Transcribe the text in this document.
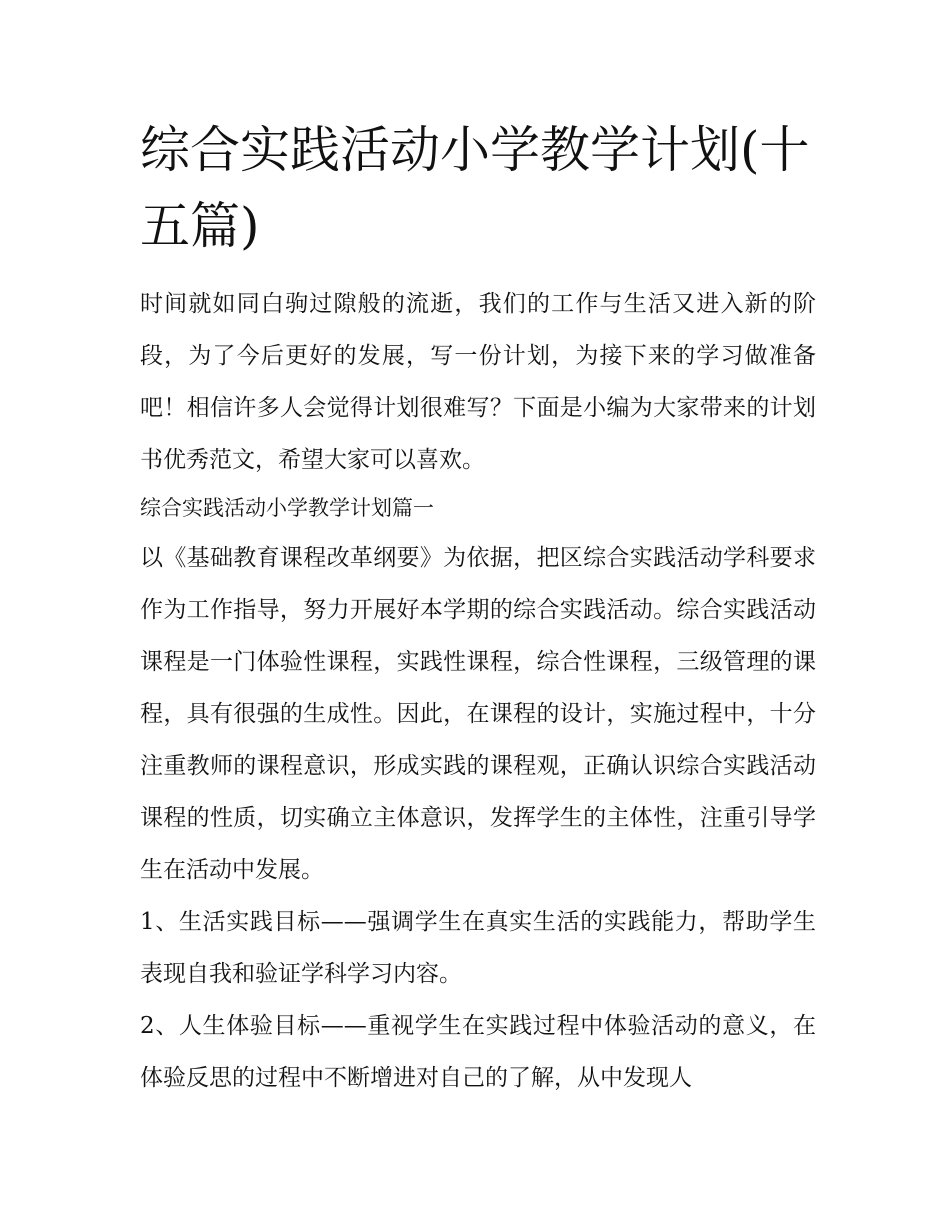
综合实践活动小学教学计划(十五篇)

时间就如同白驹过隙般的流逝，我们的工作与生活又进入新的阶段，为了今后更好的发展，写一份计划，为接下来的学习做准备吧！相信许多人会觉得计划很难写？下面是小编为大家带来的计划书优秀范文，希望大家可以喜欢。

综合实践活动小学教学计划篇一

以《基础教育课程改革纲要》为依据，把区综合实践活动学科要求作为工作指导，努力开展好本学期的综合实践活动。综合实践活动课程是一门体验性课程，实践性课程，综合性课程，三级管理的课程，具有很强的生成性。因此，在课程的设计，实施过程中，十分注重教师的课程意识，形成实践的课程观，正确认识综合实践活动课程的性质，切实确立主体意识，发挥学生的主体性，注重引导学生在活动中发展。

1、生活实践目标——强调学生在真实生活的实践能力，帮助学生表现自我和验证学科学习内容。

2、人生体验目标——重视学生在实践过程中体验活动的意义，在体验反思的过程中不断增进对自己的了解，从中发现人
